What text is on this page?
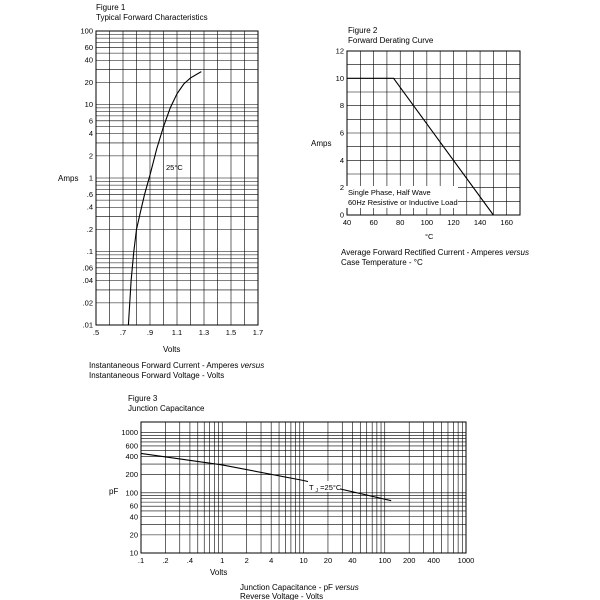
Figure 1
Typical Forward Characteristics
.01
.02
.04
.06
.1
.2
.4
.6
1
2
4
6
10
20
40
60
100
.5	.7	.9 1.1 1.3 1.5 1.7
25°C
Amps
Volts
Instantaneous Forward Current - Amperes versus
Instantaneous Forward Voltage - Volts
Figure 2
Forward Derating Curve
0
2
4
6
8
10
12
40 60 80 100 120 140 160
Single Phase, Half Wave
60Hz Resistive or Inductive Load
Amps
°C
Average Forward Rectified Current - Amperes versus
Case Temperature - °C
Figure 3
Junction Capacitance
10
20
40
60
100
200
400
600
1000
.1 .2 .4	1	2	4	10 20 40	100 200 400 1000
T $_J$ =25°C
pF
Volts
Junction Capacitance - pF versus
Reverse Voltage - Volts
